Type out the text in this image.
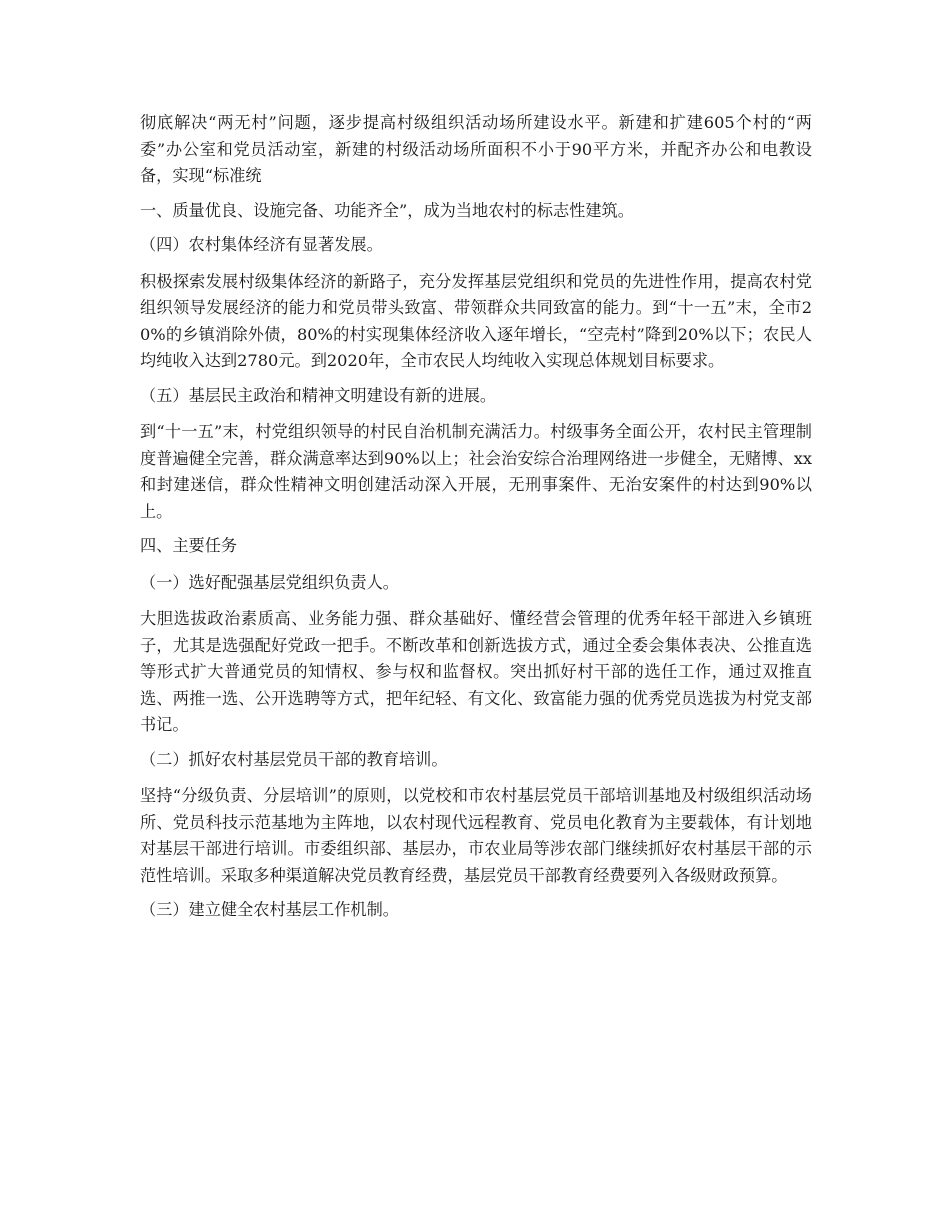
彻底解决“两无村”问题，逐步提高村级组织活动场所建设水平。新建和扩建605个村的“两委”办公室和党员活动室，新建的村级活动场所面积不小于90平方米，并配齐办公和电教设备，实现“标准统

一、质量优良、设施完备、功能齐全”，成为当地农村的标志性建筑。

（四）农村集体经济有显著发展。

积极探索发展村级集体经济的新路子，充分发挥基层党组织和党员的先进性作用，提高农村党组织领导发展经济的能力和党员带头致富、带领群众共同致富的能力。到“十一五”末，全市20%的乡镇消除外债，80%的村实现集体经济收入逐年增长，“空壳村”降到20%以下；农民人均纯收入达到2780元。到2020年，全市农民人均纯收入实现总体规划目标要求。

（五）基层民主政治和精神文明建设有新的进展。

到“十一五”末，村党组织领导的村民自治机制充满活力。村级事务全面公开，农村民主管理制度普遍健全完善，群众满意率达到90%以上；社会治安综合治理网络进一步健全，无赌博、xx和封建迷信，群众性精神文明创建活动深入开展，无刑事案件、无治安案件的村达到90%以上。

四、主要任务

（一）选好配强基层党组织负责人。

大胆选拔政治素质高、业务能力强、群众基础好、懂经营会管理的优秀年轻干部进入乡镇班子，尤其是选强配好党政一把手。不断改革和创新选拔方式，通过全委会集体表决、公推直选等形式扩大普通党员的知情权、参与权和监督权。突出抓好村干部的选任工作，通过双推直选、两推一选、公开选聘等方式，把年纪轻、有文化、致富能力强的优秀党员选拔为村党支部书记。

（二）抓好农村基层党员干部的教育培训。

坚持“分级负责、分层培训”的原则，以党校和市农村基层党员干部培训基地及村级组织活动场所、党员科技示范基地为主阵地，以农村现代远程教育、党员电化教育为主要载体，有计划地对基层干部进行培训。市委组织部、基层办，市农业局等涉农部门继续抓好农村基层干部的示范性培训。采取多种渠道解决党员教育经费，基层党员干部教育经费要列入各级财政预算。

（三）建立健全农村基层工作机制。
